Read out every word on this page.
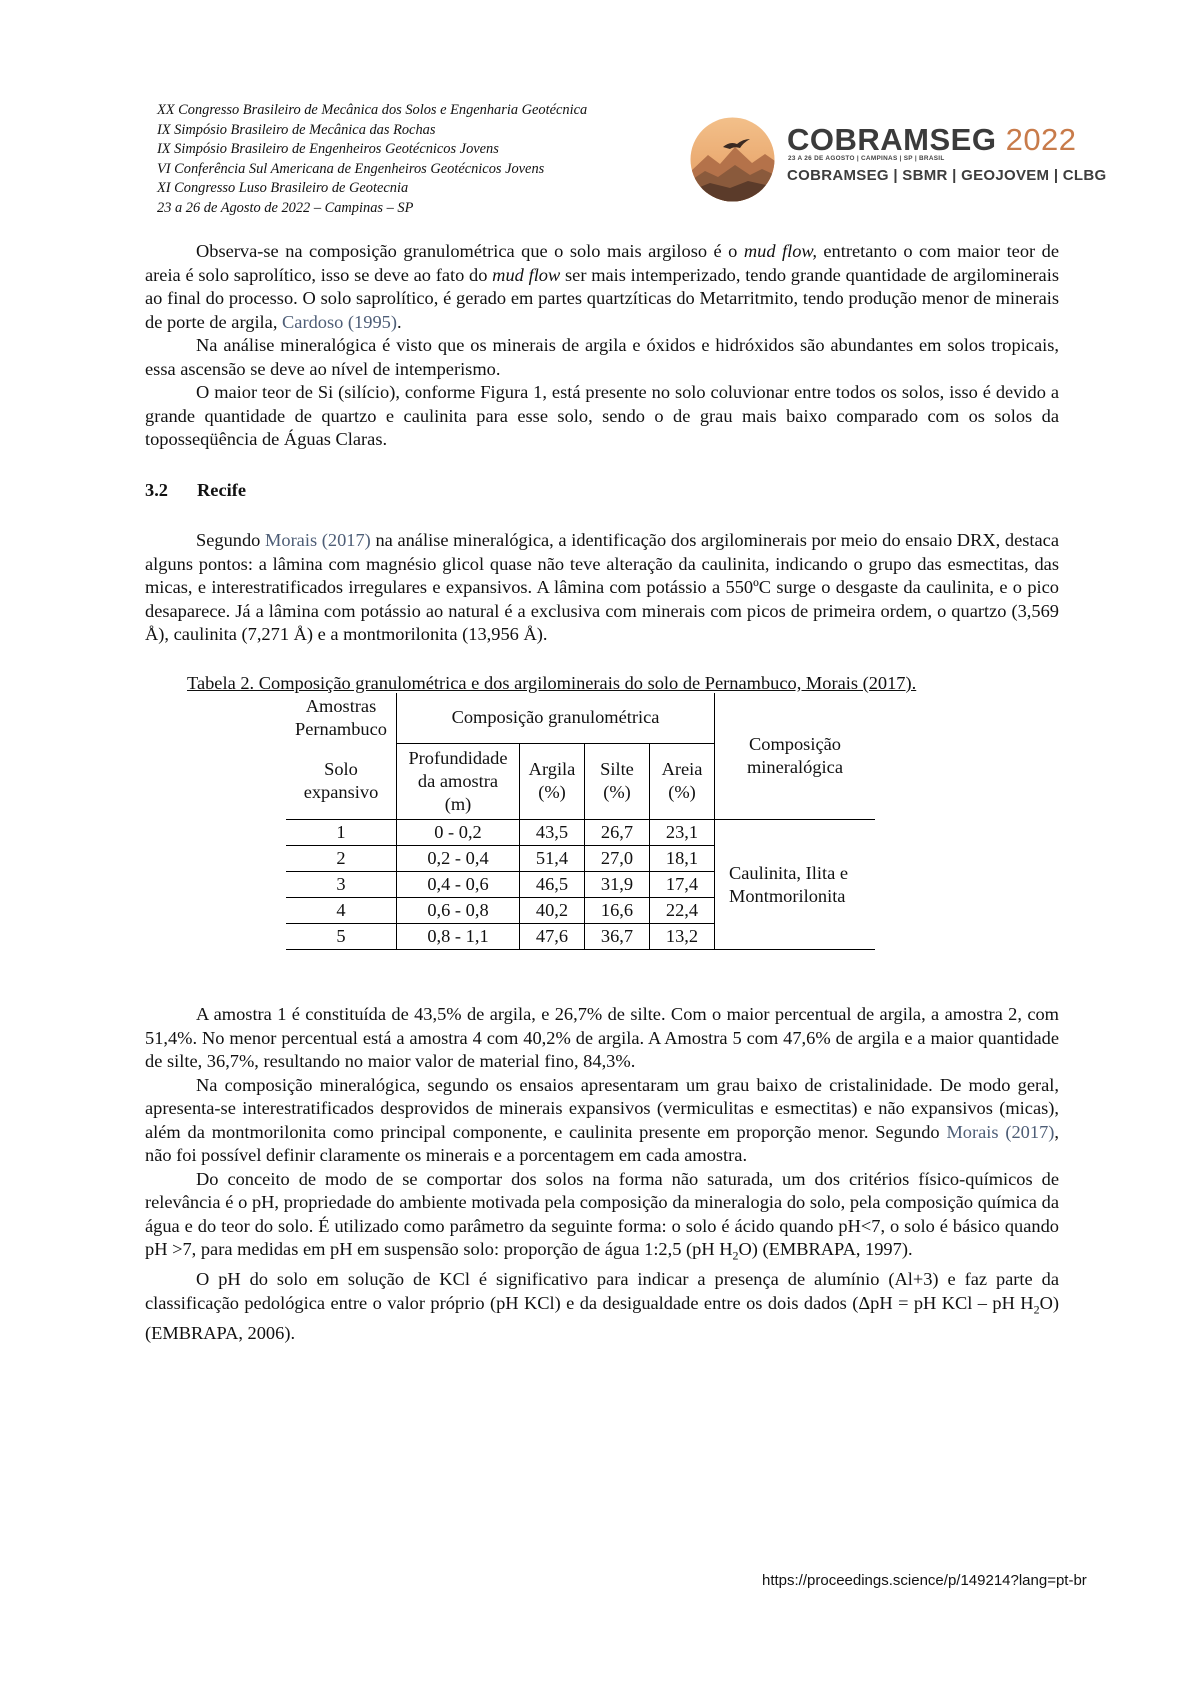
XX Congresso Brasileiro de Mecânica dos Solos e Engenharia Geotécnica
IX Simpósio Brasileiro de Mecânica das Rochas
IX Simpósio Brasileiro de Engenheiros Geotécnicos Jovens
VI Conferência Sul Americana de Engenheiros Geotécnicos Jovens
XI Congresso Luso Brasileiro de Geotecnia
23 a 26 de Agosto de 2022 – Campinas – SP
COBRAMSEG 2022
23 A 26 DE AGOSTO | CAMPINAS | SP | BRASIL
COBRAMSEG | SBMR | GEOJOVEM | CLBG

Observa-se na composição granulométrica que o solo mais argiloso é o mud flow, entretanto o com maior teor de areia é solo saprolítico, isso se deve ao fato do mud flow ser mais intemperizado, tendo grande quantidade de argilominerais ao final do processo. O solo saprolítico, é gerado em partes quartzíticas do Metarritmito, tendo produção menor de minerais de porte de argila, Cardoso (1995).

Na análise mineralógica é visto que os minerais de argila e óxidos e hidróxidos são abundantes em solos tropicais, essa ascensão se deve ao nível de intemperismo.

O maior teor de Si (silício), conforme Figura 1, está presente no solo coluvionar entre todos os solos, isso é devido a grande quantidade de quartzo e caulinita para esse solo, sendo o de grau mais baixo comparado com os solos da toposseqüência de Águas Claras.

3.2 Recife

Segundo Morais (2017) na análise mineralógica, a identificação dos argilominerais por meio do ensaio DRX, destaca alguns pontos: a lâmina com magnésio glicol quase não teve alteração da caulinita, indicando o grupo das esmectitas, das micas, e interestratificados irregulares e expansivos. A lâmina com potássio a 550ºC surge o desgaste da caulinita, e o pico desaparece. Já a lâmina com potássio ao natural é a exclusiva com minerais com picos de primeira ordem, o quartzo (3,569 Å), caulinita (7,271 Å) e a montmorilonita (13,956 Å).

Tabela 2. Composição granulométrica e dos argilominerais do solo de Pernambuco, Morais (2017).
Amostras Pernambuco	Composição granulométrica				Composição mineralógica
Solo expansivo	Profundidade da amostra (m)	Argila (%)	Silte (%)	Areia (%)	
1	0 - 0,2	43,5	26,7	23,1	Caulinita, Ilita e Montmorilonita
2	0,2 - 0,4	51,4	27,0	18,1	
3	0,4 - 0,6	46,5	31,9	17,4	
4	0,6 - 0,8	40,2	16,6	22,4	
5	0,8 - 1,1	47,6	36,7	13,2	

A amostra 1 é constituída de 43,5% de argila, e 26,7% de silte. Com o maior percentual de argila, a amostra 2, com 51,4%. No menor percentual está a amostra 4 com 40,2% de argila. A Amostra 5 com 47,6% de argila e a maior quantidade de silte, 36,7%, resultando no maior valor de material fino, 84,3%.

Na composição mineralógica, segundo os ensaios apresentaram um grau baixo de cristalinidade. De modo geral, apresenta-se interestratificados desprovidos de minerais expansivos (vermiculitas e esmectitas) e não expansivos (micas), além da montmorilonita como principal componente, e caulinita presente em proporção menor. Segundo Morais (2017), não foi possível definir claramente os minerais e a porcentagem em cada amostra.

Do conceito de modo de se comportar dos solos na forma não saturada, um dos critérios físico-químicos de relevância é o pH, propriedade do ambiente motivada pela composição da mineralogia do solo, pela composição química da água e do teor do solo. É utilizado como parâmetro da seguinte forma: o solo é ácido quando pH<7, o solo é básico quando pH >7, para medidas em pH em suspensão solo: proporção de água 1:2,5 (pH $H_2O$) (EMBRAPA, 1997).

O pH do solo em solução de KCl é significativo para indicar a presença de alumínio (Al+3) e faz parte da classificação pedológica entre o valor próprio (pH KCl) e da desigualdade entre os dois dados (ΔpH = pH KCl – pH $H_2O$) (EMBRAPA, 2006).

https://proceedings.science/p/149214?lang=pt-br
